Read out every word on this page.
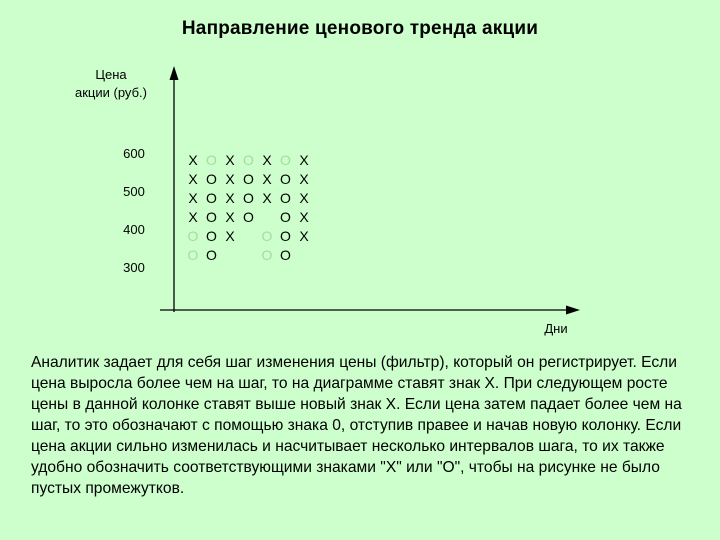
Направление ценового тренда акции
Цена
акции (руб.)
Дни
600
500
400
300
X O X O X O X
X O X O X O X
X O X O X O X
X O X O O X
O O X O O X
O O	O O
Аналитик задает для себя шаг изменения цены (фильтр), который он регистрирует. Если цена выросла более чем на шаг, то на диаграмме ставят знак X. При следующем росте цены в данной колонке ставят выше новый знак X. Если цена затем падает более чем на шаг, то это обозначают с помощью знака 0, отступив правее и начав новую колонку. Если цена акции сильно изменилась и насчитывает несколько интервалов шага, то их также удобно обозначить соответствующими знаками "X" или "O", чтобы на рисунке не было пустых промежутков.
